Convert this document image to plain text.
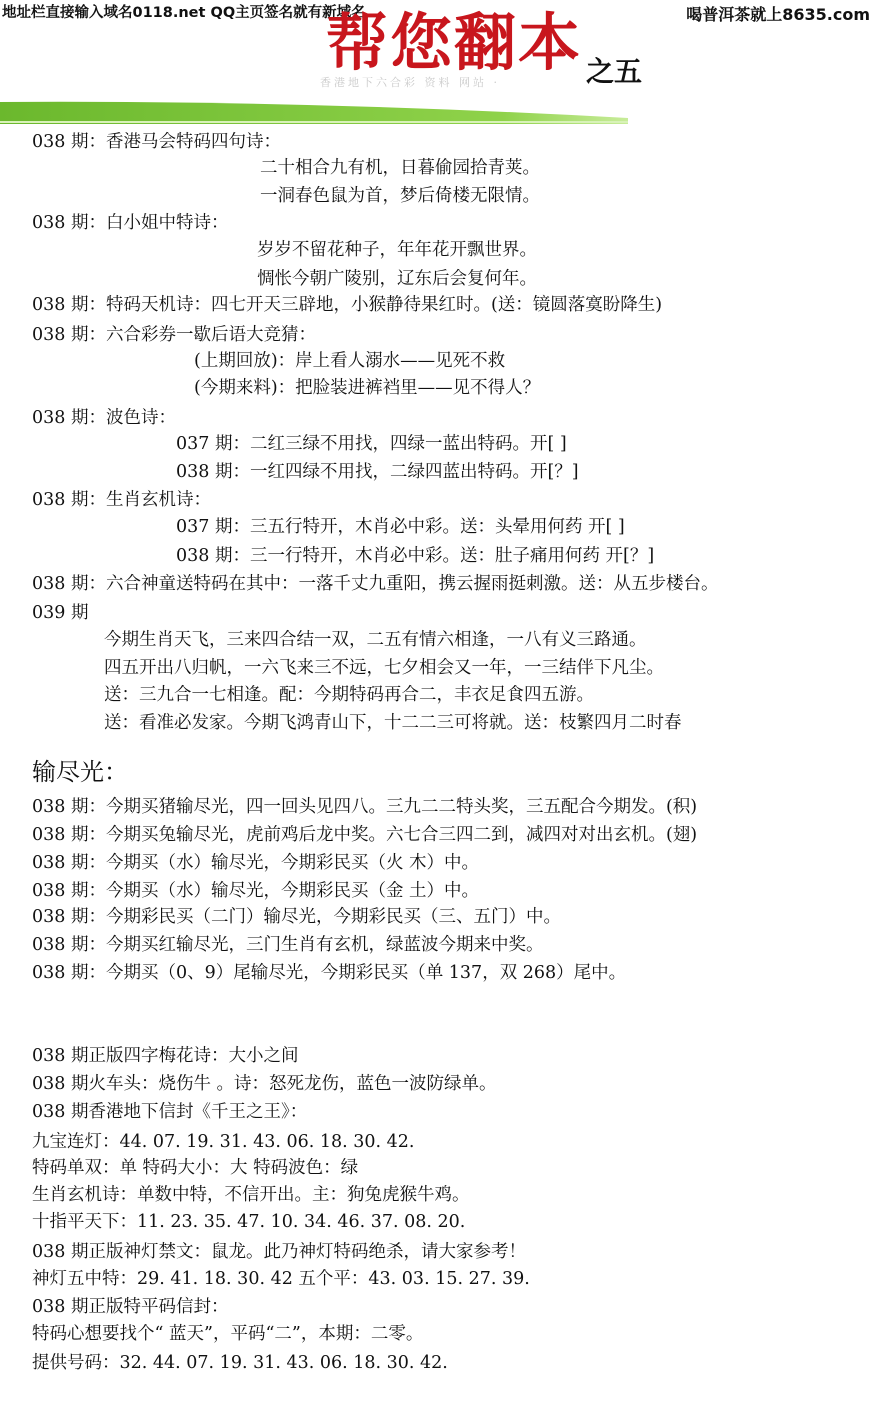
地址栏直接输入域名0118.net QQ主页签名就有新域名	喝普洱茶就上8635.com
帮您翻本 之五
香港地下六合彩 资料 网站 ·
038 期：香港马会特码四句诗：
二十相合九有机，日暮偷园拾青荚。
一洞春色鼠为首，梦后倚楼无限情。
038 期：白小姐中特诗：
岁岁不留花种子，年年花开飘世界。
惆怅今朝广陵别，辽东后会复何年。
038 期：特码天机诗：四七开天三辟地，小猴静待果红时。(送：镜圆落寞盼降生)
038 期：六合彩券一歇后语大竞猜：
(上期回放)：岸上看人溺水——见死不救
(今期来料)：把脸装进裤裆里——见不得人？
038 期：波色诗：
037 期：二红三绿不用找，四绿一蓝出特码。开[ ]
038 期：一红四绿不用找，二绿四蓝出特码。开[？]
038 期：生肖玄机诗：
037 期：三五行特开，木肖必中彩。送：头晕用何药 开[ ]
038 期：三一行特开，木肖必中彩。送：肚子痛用何药 开[？]
038 期：六合神童送特码在其中：一落千丈九重阳，携云握雨挺刺激。送：从五步楼台。
039 期
今期生肖天飞，三来四合结一双，二五有情六相逢，一八有义三路通。
四五开出八归帆，一六飞来三不远，七夕相会又一年，一三结伴下凡尘。
送：三九合一七相逢。配：今期特码再合二，丰衣足食四五游。
送：看准必发家。今期飞鸿青山下，十二二三可将就。送：枝繁四月二时春
038 期：今期买猪输尽光，四一回头见四八。三九二二特头奖，三五配合今期发。(积)
038 期：今期买兔输尽光，虎前鸡后龙中奖。六七合三四二到，减四对对出玄机。(翅)
038 期：今期买（水）输尽光，今期彩民买（火 木）中。
038 期：今期买（水）输尽光，今期彩民买（金 土）中。
038 期：今期彩民买（二门）输尽光，今期彩民买（三、五门）中。
038 期：今期买红输尽光，三门生肖有玄机，绿蓝波今期来中奖。
038 期：今期买（0、9）尾输尽光，今期彩民买（单 137，双 268）尾中。
038 期正版四字梅花诗：大小之间
038 期火车头：烧伤牛 。诗：怒死龙伤，蓝色一波防绿单。
038 期香港地下信封《千王之王》：
九宝连灯：44. 07. 19. 31. 43. 06. 18. 30. 42.
特码单双：单 特码大小：大 特码波色：绿
生肖玄机诗：单数中特，不信开出。主：狗兔虎猴牛鸡。
十指平天下：11. 23. 35. 47. 10. 34. 46. 37. 08. 20.
038 期正版神灯禁文：鼠龙。此乃神灯特码绝杀，请大家参考！
神灯五中特：29. 41. 18. 30. 42 五个平：43. 03. 15. 27. 39.
038 期正版特平码信封：
特码心想要找个“ 蓝天”，平码“二”，本期：二零。
提供号码：32. 44. 07. 19. 31. 43. 06. 18. 30. 42.
输尽光：
